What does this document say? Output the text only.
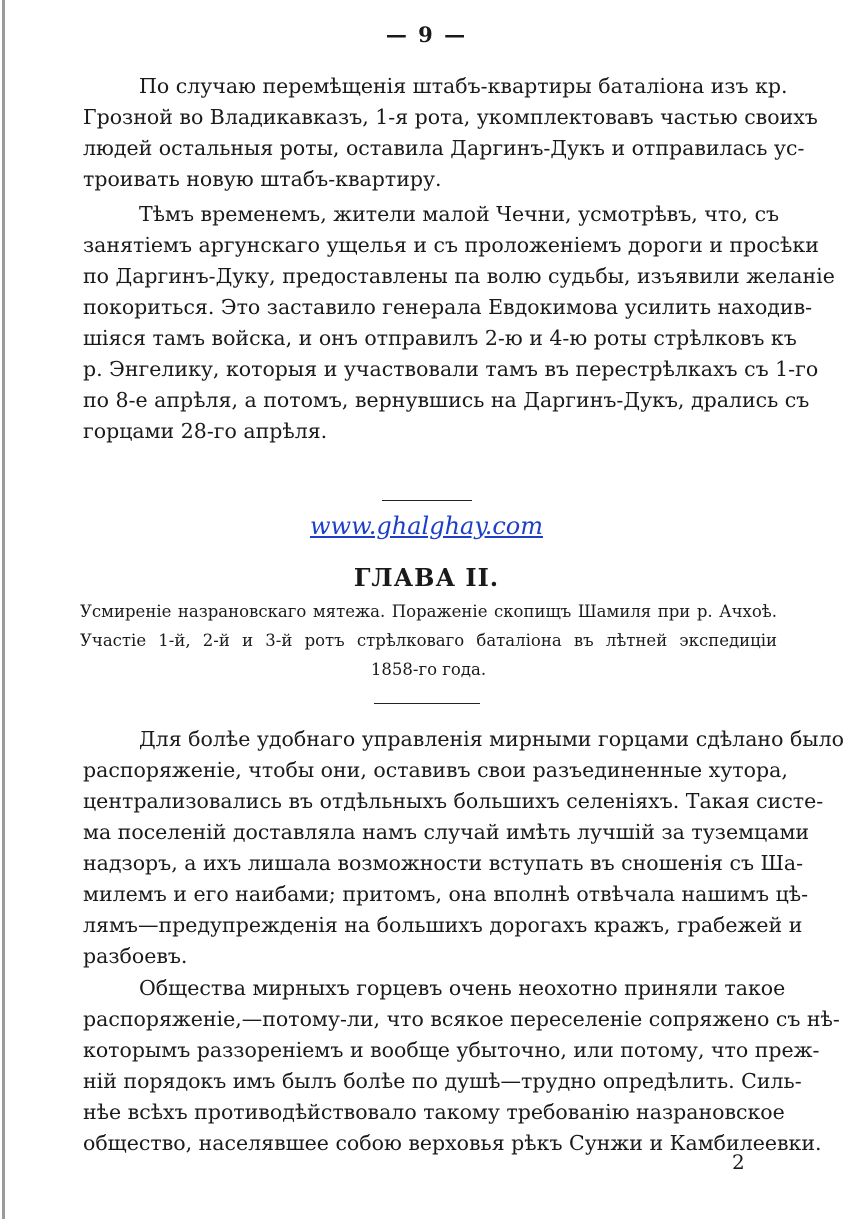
— 9 —
По случаю перемѣщенія штабъ-квартиры баталіона изъ кр.
Грозной во Владикавказъ, 1-я рота, укомплектовавъ частью своихъ
людей остальныя роты, оставила Даргинъ-Дукъ и отправилась ус-
троивать новую штабъ-квартиру.
Тѣмъ временемъ, жители малой Чечни, усмотрѣвъ, что, съ
занятіемъ аргунскаго ущелья и съ проложеніемъ дороги и просѣки
по Даргинъ-Дуку, предоставлены па волю судьбы, изъявили желаніе
покориться. Это заставило генерала Евдокимова усилить находив-
шіяся тамъ войска, и онъ отправилъ 2-ю и 4-ю роты стрѣлковъ къ
р. Энгелику, которыя и участвовали тамъ въ перестрѣлкахъ съ 1-го
по 8-е апрѣля, а потомъ, вернувшись на Даргинъ-Дукъ, дрались съ
горцами 28-го апрѣля.
www.ghalghay.com
ГЛАВА II.
Усмиреніе назрановскаго мятежа. Пораженіе скопищъ Шамиля при р. Ачхоѣ.
Участіе 1-й, 2-й и 3-й ротъ стрѣлковаго баталіона въ лѣтней экспедиціи
1858-го года.
Для болѣе удобнаго управленія мирными горцами сдѣлано было
распоряженіе, чтобы они, оставивъ свои разъединенные хутора,
централизовались въ отдѣльныхъ большихъ селеніяхъ. Такая систе-
ма поселеній доставляла намъ случай имѣть лучшій за туземцами
надзоръ, а ихъ лишала возможности вступать въ сношенія съ Ша-
милемъ и его наибами; притомъ, она вполнѣ отвѣчала нашимъ цѣ-
лямъ—предупрежденія на большихъ дорогахъ кражъ, грабежей и
разбоевъ.
Общества мирныхъ горцевъ очень неохотно приняли такое
распоряженіе,—потому-ли, что всякое переселеніе сопряжено съ нѣ-
которымъ раззореніемъ и вообще убыточно, или потому, что преж-
ній порядокъ имъ былъ болѣе по душѣ—трудно опредѣлить. Силь-
нѣе всѣхъ противодѣйствовало такому требованію назрановское
общество, населявшее собою верховья рѣкъ Сунжи и Камбилеевки.
2
